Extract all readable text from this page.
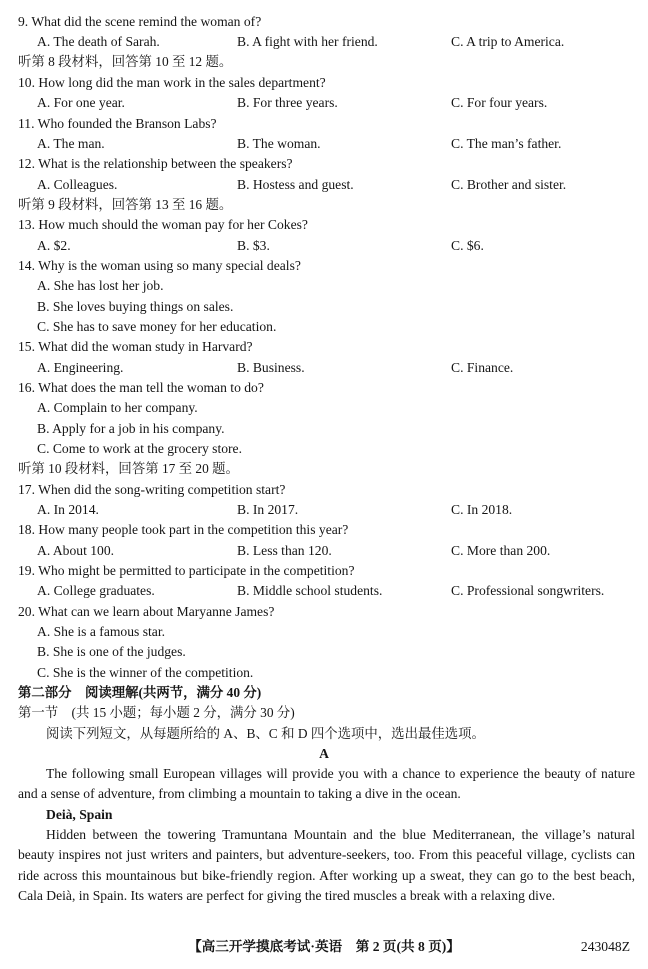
9. What did the scene remind the woman of?
A. The death of Sarah.	B. A fight with her friend.	C. A trip to America.
听第 8 段材料，回答第 10 至 12 题。
10. How long did the man work in the sales department?
A. For one year.	B. For three years.	C. For four years.
11. Who founded the Branson Labs?
A. The man.	B. The woman.	C. The man’s father.
12. What is the relationship between the speakers?
A. Colleagues.	B. Hostess and guest.	C. Brother and sister.
听第 9 段材料，回答第 13 至 16 题。
13. How much should the woman pay for her Cokes?
A. $2.	B. $3.	C. $6.
14. Why is the woman using so many special deals?
A. She has lost her job.
B. She loves buying things on sales.
C. She has to save money for her education.
15. What did the woman study in Harvard?
A. Engineering.	B. Business.	C. Finance.
16. What does the man tell the woman to do?
A. Complain to her company.
B. Apply for a job in his company.
C. Come to work at the grocery store.
听第 10 段材料，回答第 17 至 20 题。
17. When did the song-writing competition start?
A. In 2014.	B. In 2017.	C. In 2018.
18. How many people took part in the competition this year?
A. About 100.	B. Less than 120.	C. More than 200.
19. Who might be permitted to participate in the competition?
A. College graduates.	B. Middle school students.	C. Professional songwriters.
20. What can we learn about Maryanne James?
A. She is a famous star.
B. She is one of the judges.
C. She is the winner of the competition.
第二部分　阅读理解(共两节，满分 40 分)
第一节　(共 15 小题；每小题 2 分，满分 30 分)
阅读下列短文，从每题所给的 A、B、C 和 D 四个选项中，选出最佳选项。
A
The following small European villages will provide you with a chance to experience the beauty of nature and a sense of adventure, from climbing a mountain to taking a dive in the ocean.
Deià, Spain
Hidden between the towering Tramuntana Mountain and the blue Mediterranean, the village’s natural beauty inspires not just writers and painters, but adventure-seekers, too. From this peaceful village, cyclists can ride across this mountainous but bike-friendly region. After working up a sweat, they can go to the best beach, Cala Deià, in Spain. Its waters are perfect for giving the tired muscles a break with a relaxing dive.
【高三开学摸底考试·英语　第 2 页(共 8 页)】	243048Z
